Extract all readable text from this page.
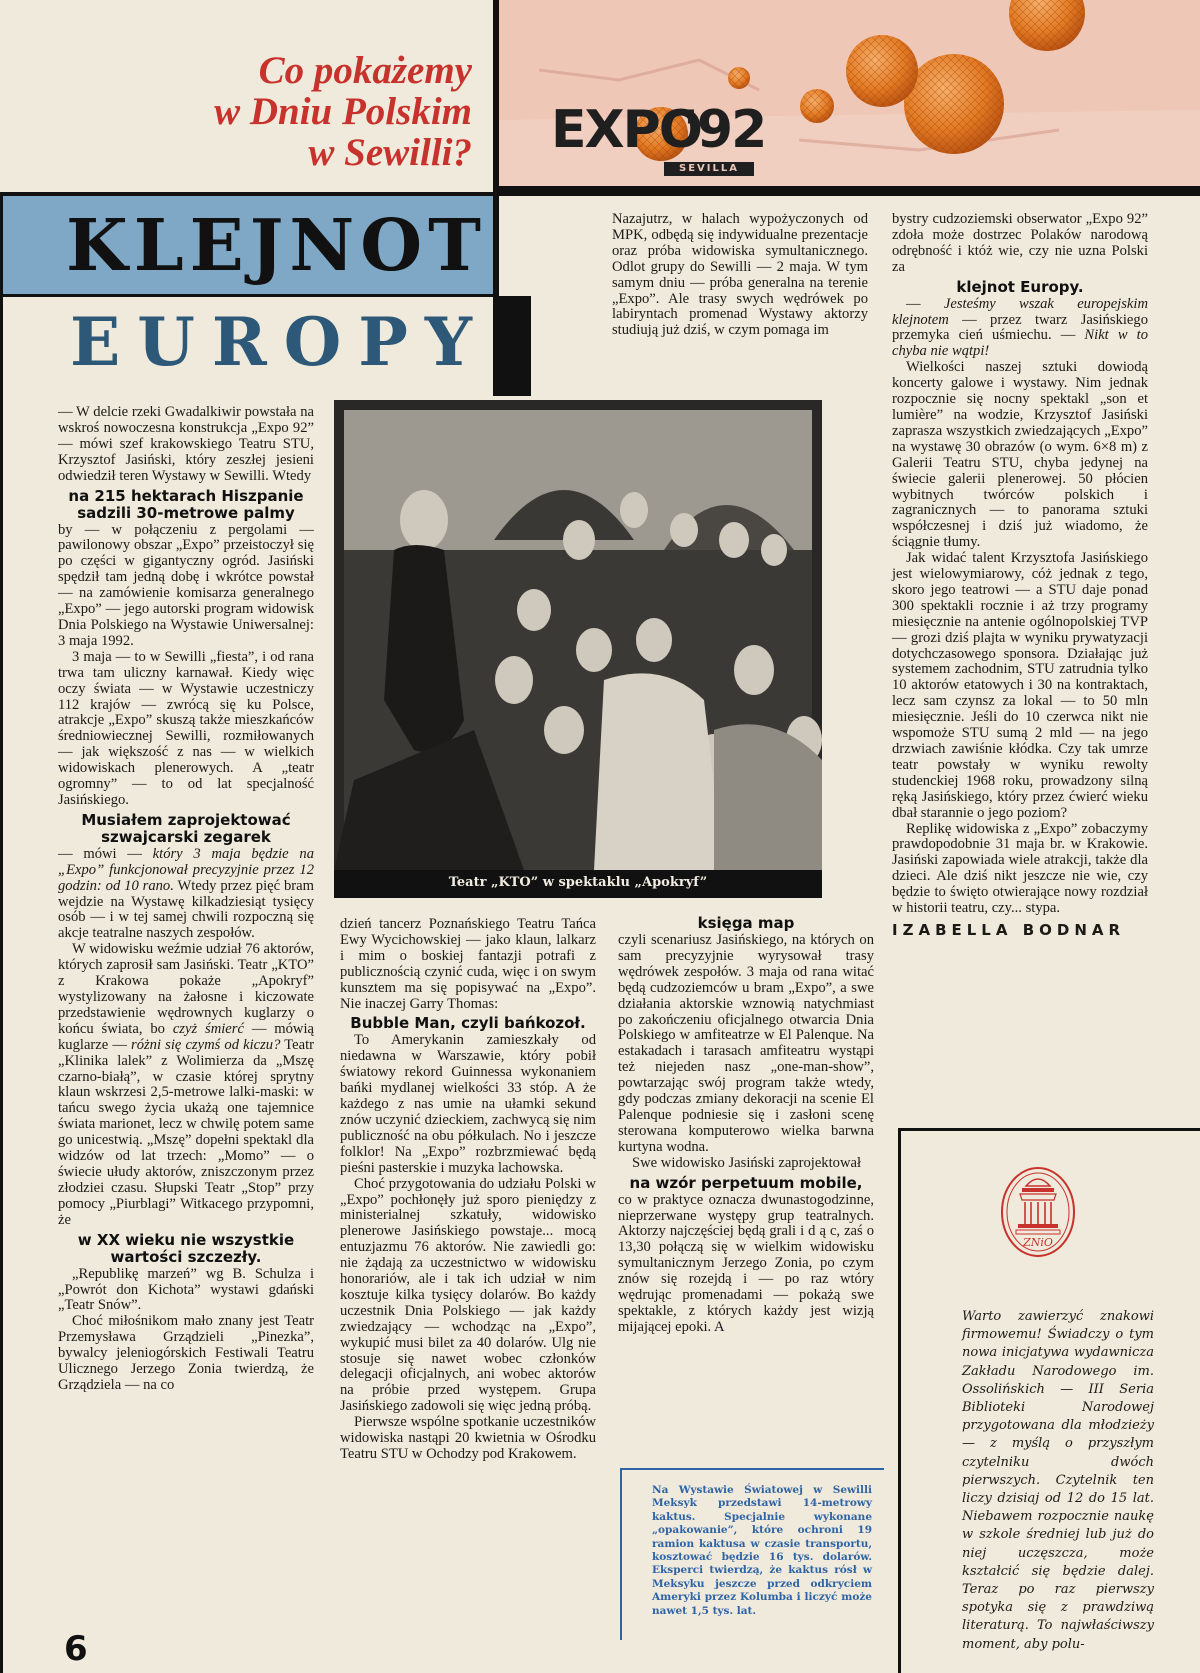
Co pokażemy
w Dniu Polskim
w Sewilli? EXPO
'92
SEVILLA
KLEJNOT
EUROPY
Teatr „KTO” w spektaklu „Apokryf”

— W delcie rzeki Gwadalkiwir powstała na wskroś nowoczesna konstrukcja „Expo 92” — mówi szef krakowskiego Teatru STU, Krzysztof Jasiński, który zeszłej jesieni odwiedził teren Wystawy w Sewilli. Wtedy

na 215 hektarach Hiszpanie sadzili 30-metrowe palmy

by — w połączeniu z pergolami — pawilonowy obszar „Expo” przeistoczył się po części w gigantyczny ogród. Jasiński spędził tam jedną dobę i wkrótce powstał — na zamówienie komisarza generalnego „Expo” — jego autorski program widowisk Dnia Polskiego na Wystawie Uniwersalnej: 3 maja 1992.

3 maja — to w Sewilli „fiesta”, i od rana trwa tam uliczny karnawał. Kiedy więc oczy świata — w Wystawie uczestniczy 112 krajów — zwrócą się ku Polsce, atrakcje „Expo” skuszą także mieszkańców średniowiecznej Sewilli, rozmiłowanych — jak większość z nas — w wielkich widowiskach plenerowych. A „teatr ogromny” — to od lat specjalność Jasińskiego.

Musiałem zaprojektować szwajcarski zegarek

— mówi — który 3 maja będzie na „Expo” funkcjonował precyzyjnie przez 12 godzin: od 10 rano. Wtedy przez pięć bram wejdzie na Wystawę kilkadziesiąt tysięcy osób — i w tej samej chwili rozpoczną się akcje teatralne naszych zespołów.

W widowisku weźmie udział 76 aktorów, których zaprosił sam Jasiński. Teatr „KTO” z Krakowa pokaże „Apokryf” wystylizowany na żałosne i kiczowate przedstawienie wędrownych kuglarzy o końcu świata, bo czyż śmierć — mówią kuglarze — różni się czymś od kiczu? Teatr „Klinika lalek” z Wolimierza da „Mszę czarno-białą”, w czasie której sprytny klaun wskrzesi 2,5-metrowe lalki-maski: w tańcu swego życia ukażą one tajemnice świata marionet, lecz w chwilę potem same go unicestwią. „Mszę” dopełni spektakl dla widzów od lat trzech: „Momo” — o świecie ułudy aktorów, zniszczonym przez złodziei czasu. Słupski Teatr „Stop” przy pomocy „Piurblagi” Witkacego przypomni, że

w XX wieku nie wszystkie wartości szczezły.

„Republikę marzeń” wg B. Schulza i „Powrót don Kichota” wystawi gdański „Teatr Snów”.

Choć miłośnikom mało znany jest Teatr Przemysława Grządzieli „Pinezka”, bywalcy jeleniogórskich Festiwali Teatru Ulicznego Jerzego Zonia twierdzą, że Grządziela — na co

dzień tancerz Poznańskiego Teatru Tańca Ewy Wycichowskiej — jako klaun, lalkarz i mim o boskiej fantazji potrafi z publicznością czynić cuda, więc i on swym kunsztem ma się popisywać na „Expo”. Nie inaczej Garry Thomas:

Bubble Man, czyli bańkozoł.

To Amerykanin zamieszkały od niedawna w Warszawie, który pobił światowy rekord Guinnessa wykonaniem bańki mydlanej wielkości 33 stóp. A że każdego z nas umie na ułamki sekund znów uczynić dzieckiem, zachwycą się nim publiczność na obu półkulach. No i jeszcze folklor! Na „Expo” rozbrzmiewać będą pieśni pasterskie i muzyka lachowska.

Choć przygotowania do udziału Polski w „Expo” pochłonęły już sporo pieniędzy z ministerialnej szkatuły, widowisko plenerowe Jasińskiego powstaje... mocą entuzjazmu 76 aktorów. Nie zawiedli go: nie żądają za uczestnictwo w widowisku honorariów, ale i tak ich udział w nim kosztuje kilka tysięcy dolarów. Bo każdy uczestnik Dnia Polskiego — jak każdy zwiedzający — wchodząc na „Expo”, wykupić musi bilet za 40 dolarów. Ulg nie stosuje się nawet wobec członków delegacji oficjalnych, ani wobec aktorów na próbie przed występem. Grupa Jasińskiego zadowoli się więc jedną próbą.

Pierwsze wspólne spotkanie uczestników widowiska nastąpi 20 kwietnia w Ośrodku Teatru STU w Ochodzy pod Krakowem.

Nazajutrz, w halach wypożyczonych od MPK, odbędą się indywidualne prezentacje oraz próba widowiska symultanicznego. Odlot grupy do Sewilli — 2 maja. W tym samym dniu — próba generalna na terenie „Expo”. Ale trasy swych wędrówek po labiryntach promenad Wystawy aktorzy studiują już dziś, w czym pomaga im

księga map

czyli scenariusz Jasińskiego, na których on sam precyzyjnie wyrysował trasy wędrówek zespołów. 3 maja od rana witać będą cudzoziemców u bram „Expo”, a swe działania aktorskie wznowią natychmiast po zakończeniu oficjalnego otwarcia Dnia Polskiego w amfiteatrze w El Palenque. Na estakadach i tarasach amfiteatru wystąpi też niejeden nasz „one-man-show”, powtarzając swój program także wtedy, gdy podczas zmiany dekoracji na scenie El Palenque podniesie się i zasłoni scenę sterowana komputerowo wielka barwna kurtyna wodna.

Swe widowisko Jasiński zaprojektował

na wzór perpetuum mobile,

co w praktyce oznacza dwunastogodzinne, nieprzerwane występy grup teatralnych. Aktorzy najczęściej będą grali i d ą c, zaś o 13,30 połączą się w wielkim widowisku symultanicznym Jerzego Zonia, po czym znów się rozejdą i — po raz wtóry wędrując promenadami — pokażą swe spektakle, z których każdy jest wizją mijającej epoki. A

Na Wystawie Światowej w Sewilli Meksyk przedstawi 14-metrowy kaktus. Specjalnie wykonane „opakowanie”, które ochroni 19 ramion kaktusa w czasie transportu, kosztować będzie 16 tys. dolarów. Eksperci twierdzą, że kaktus rósł w Meksyku jeszcze przed odkryciem Ameryki przez Kolumba i liczyć może nawet 1,5 tys. lat.

bystry cudzoziemski obserwator „Expo 92” zdoła może dostrzec Polaków narodową odrębność i któż wie, czy nie uzna Polski za

klejnot Europy.

— Jesteśmy wszak europejskim klejnotem — przez twarz Jasińskiego przemyka cień uśmiechu. — Nikt w to chyba nie wątpi!

Wielkości naszej sztuki dowiodą koncerty galowe i wystawy. Nim jednak rozpocznie się nocny spektakl „son et lumière” na wodzie, Krzysztof Jasiński zaprasza wszystkich zwiedzających „Expo” na wystawę 30 obrazów (o wym. 6×8 m) z Galerii Teatru STU, chyba jedynej na świecie galerii plenerowej. 50 płócien wybitnych twórców polskich i zagranicznych — to panorama sztuki współczesnej i dziś już wiadomo, że ściągnie tłumy.

Jak widać talent Krzysztofa Jasińskiego jest wielowymiarowy, cóż jednak z tego, skoro jego teatrowi — a STU daje ponad 300 spektakli rocznie i aż trzy programy miesięcznie na antenie ogólnopolskiej TVP — grozi dziś plajta w wyniku prywatyzacji dotychczasowego sponsora. Działając już systemem zachodnim, STU zatrudnia tylko 10 aktorów etatowych i 30 na kontraktach, lecz sam czynsz za lokal — to 50 mln miesięcznie. Jeśli do 10 czerwca nikt nie wspomoże STU sumą 2 mld — na jego drzwiach zawiśnie kłódka. Czy tak umrze teatr powstały w wyniku rewolty studenckiej 1968 roku, prowadzony silną ręką Jasińskiego, który przez ćwierć wieku dbał starannie o jego poziom?

Replikę widowiska z „Expo” zobaczymy prawdopodobnie 31 maja br. w Krakowie. Jasiński zapowiada wiele atrakcji, także dla dzieci. Ale dziś nikt jeszcze nie wie, czy będzie to święto otwierające nowy rozdział w historii teatru, czy... stypa.

IZABELLA BODNAR
ZNiO
Warto zawierzyć znakowi firmowemu! Świadczy o tym nowa inicjatywa wydawnicza Zakładu Narodowego im. Ossolińskich — III Seria Biblioteki Narodowej przygotowana dla młodzieży — z myślą o przyszłym czytelniku dwóch pierwszych. Czytelnik ten liczy dzisiaj od 12 do 15 lat. Niebawem rozpocznie naukę w szkole średniej lub już do niej uczęszcza, może kształcić się będzie dalej. Teraz po raz pierwszy spotyka się z prawdziwą literaturą. To najwłaściwszy moment, aby polu-
6
